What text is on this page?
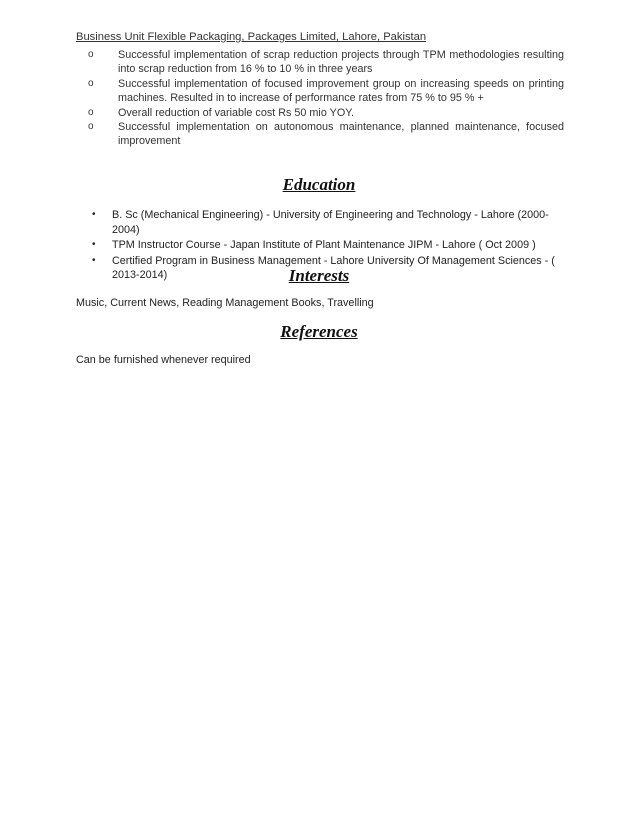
Business Unit Flexible Packaging, Packages Limited, Lahore, Pakistan
o Successful implementation of scrap reduction projects through TPM methodologies resulting into scrap reduction from 16 % to 10 % in three years
o Successful implementation of focused improvement group on increasing speeds on printing machines. Resulted in to increase of performance rates from 75 % to 95 % +
o Overall reduction of variable cost Rs 50 mio YOY.
o Successful implementation on autonomous maintenance, planned maintenance, focused improvement
Education
• B. Sc (Mechanical Engineering) - University of Engineering and Technology - Lahore (2000-2004)
• TPM Instructor Course - Japan Institute of Plant Maintenance JIPM - Lahore ( Oct 2009 )
• Certified Program in Business Management - Lahore University Of Management Sciences - ( 2013-2014)	Interests
Music, Current News, Reading Management Books, Travelling
References
Can be furnished whenever required
